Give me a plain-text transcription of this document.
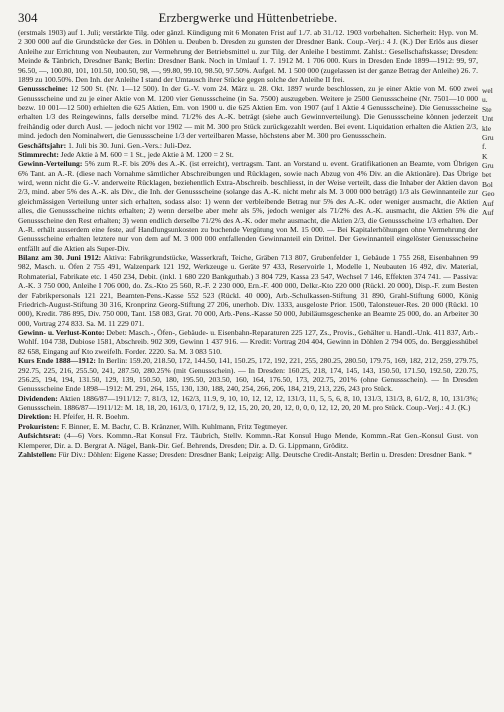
304	Erzbergwerke und Hüttenbetriebe.

(erstmals 1903) auf 1. Juli; verstärkte Tilg. oder gänzl. Kündigung mit 6 Monaten Frist auf 1./7. ab 31./12. 1903 vorbehalten. Sicherheit: Hyp. von M. 2 300 000 auf die Grundstücke der Ges. in Döhlen u. Deuben b. Dresden zu gunsten der Dresdner Bank. Coup.-Verj.: 4 J. (K.) Der Erlös aus dieser Anleihe zur Errichtung von Neubauten, zur Vermehrung der Betriebsmittel u. zur Tilg. der Anleihe I bestimmt. Zahlst.: Gesellschaftskasse; Dresden: Meinde & Tänbrich, Dresdner Bank; Berlin: Dresdner Bank. Noch in Umlauf 1. 7. 1912 M. 1 706 000. Kurs in Dresden Ende 1899—1912: 99, 97, 96.50, —, 100.80, 101, 101.50, 100.50, 98, —, 99.80, 99.10, 98.50, 97.50%. Aufgel. M. 1 500 000 (zugelassen ist der ganze Betrag der Anleihe) 26. 7. 1899 zu 100.50%. Den Inh. der Anleihe I stand der Umtausch ihrer Stücke gegen solche der Anleihe II frei.

Genussscheine: 12 500 St. (Nr. 1—12 500). In der G.-V. vom 24. März u. 28. Okt. 1897 wurde beschlossen, zu je einer Aktie von M. 600 zwei Genussscheine und zu je einer Aktie von M. 1200 vier Genussscheine (in Sa. 7500) auszugeben. Weitere je 2500 Genussscheine (Nr. 7501—10 000 bezw. 10 001—12 500) erhielten die 625 Aktien, Em. von 1900 u. die 625 Aktien Em. von 1907 (auf 1 Aktie 4 Genussscheine). Die Genussscheine erhalten 1/3 des Reingewinns, falls derselbe mind. 71/2% des A.-K. beträgt (siehe auch Gewinnverteilung). Die Genussscheine können jederzeit freihändig oder durch Ausl. — jedoch nicht vor 1902 — mit M. 300 pro Stück zurückgezahlt werden. Bei event. Liquidation erhalten die Aktien 2/3, mind. jedoch den Nominalwert, die Genussscheine 1/3 der verteilbaren Masse, höchstens aber M. 300 pro Genussschein.

Geschäftsjahr: 1. Juli bis 30. Juni. Gen.-Vers.: Juli-Dez.

Stimmrecht: Jede Aktie à M. 600 = 1 St., jede Aktie à M. 1200 = 2 St.

Gewinn-Verteilung: 5% zum R.-F. bis 20% des A.-K. (ist erreicht), vertragsm. Tant. an Vorstand u. event. Gratifikationen an Beamte, vom Übrigen 6% Tant. an A.-R. (diese nach Vornahme sämtlicher Abschreibungen und Rücklagen, sowie nach Abzug von 4% Div. an die Aktionäre). Das Übrige wird, wenn nicht die G.-V. anderweite Rücklagen, beziehentlich Extra-Abschreib. beschliesst, in der Weise verteilt, dass die Inhaber der Aktien davon 2/3, mind. aber 5% des A.-K. als Div., die Inh. der Genussscheine (solange das A.-K. nicht mehr als M. 3 000 000 beträgt) 1/3 als Gewinnanteile zur gleichmässigen Verteilung unter sich erhalten, sodass also: 1) wenn der verbleibende Betrag nur 5% des A.-K. oder weniger ausmacht, die Aktien alles, die Genussscheine nichts erhalten; 2) wenn derselbe aber mehr als 5%, jedoch weniger als 71/2% des A.-K. ausmacht, die Aktien 5% die Genussscheine den Rest erhalten; 3) wenn endlich derselbe 71/2% des A.-K. oder mehr ausmacht, die Aktien 2/3, die Genussscheine 1/3 erhalten. Der A.-R. erhält ausserdem eine feste, auf Handlungsunkosten zu buchende Vergütung von M. 15 000. — Bei Kapitalerhöhungen ohne Vermehrung der Genussscheine erhalten letztere nur von dem auf M. 3 000 000 entfallenden Gewinnanteil ein Drittel. Der Gewinnanteil eingelöster Genussscheine entfällt auf die Aktien als Super-Div.

Bilanz am 30. Juni 1912: Aktiva: Fabrikgrundstücke, Wasserkraft, Teiche, Gräben 713 807, Grubenfelder 1, Gebäude 1 755 268, Eisenbahnen 99 982, Masch. u. Öfen 2 755 491, Walzenpark 121 192, Werkzeuge u. Geräte 97 433, Reservoirle 1, Modelle 1, Neubauten 16 492, div. Material, Rohmaterial, Fabrikate etc. 1 450 234, Debit. (inkl. 1 680 220 Bankguthab.) 3 804 729, Kassa 23 547, Wechsel 7 146, Effekten 374 741. — Passiva: A.-K. 3 750 000, Anleihe I 706 000, do. Zs.-Kto 25 560, R.-F. 2 230 000, Ern.-F. 400 000, Delkr.-Kto 220 000 (Rückl. 20 000), Disp.-F. zum Besten der Fabrikpersonals 121 221, Beamten-Pens.-Kasse 552 523 (Rückl. 40 000), Arb.-Schulkassen-Stiftung 31 890, Grahl-Stiftung 6000, König Friedrich-August-Stiftung 30 316, Kronprinz Georg-Stiftung 27 206, unerhob. Div. 1333, ausgeloste Prior. 1500, Talonsteuer-Res. 20 000 (Rückl. 10 000), Kredit. 786 895, Div. 750 000, Tant. 158 083, Grat. 70 000, Arb.-Pens.-Kasse 50 000, Jubiläumsgeschenke an Beamte 25 000, do. an Arbeiter 30 000, Vortrag 274 833. Sa. M. 11 229 071.

Gewinn- u. Verlust-Konto: Debet: Masch.-, Öfen-, Gebäude- u. Eisenbahn-Reparaturen 225 127, Zs., Provis., Gehälter u. Handl.-Unk. 411 837, Arb.-Wohlf. 104 738, Dubiose 1581, Abschreib. 902 309, Gewinn 1 437 916. — Kredit: Vortrag 204 404, Gewinn in Döhlen 2 794 005, do. Berggiesshübel 82 658, Eingang auf Kto zweifelh. Forder. 2220. Sa. M. 3 083 510.

Kurs Ende 1888—1912: In Berlin: 159.20, 218.50, 172, 144.50, 141, 150.25, 172, 192, 221, 255, 280.25, 280.50, 179.75, 169, 182, 212, 259, 279.75, 292.75, 225, 216, 255.50, 241, 287.50, 280.25% (mit Genussschein). — In Dresden: 160.25, 218, 174, 145, 143, 150.50, 171.50, 192.50, 220.75, 256.25, 194, 194, 131.50, 129, 139, 150.50, 180, 195.50, 203.50, 160, 164, 176.50, 173, 202.75, 201% (ohne Genussschein). — In Dresden Genussscheine Ende 1898—1912: M. 291, 264, 155, 130, 130, 188, 240, 254, 266, 206, 184, 219, 213, 226, 243 pro Stück.

Dividenden: Aktien 1886/87—1911/12: 7, 81/3, 12, 162/3, 11.9, 9, 10, 10, 12, 12, 12, 131/3, 11, 5, 5, 6, 8, 10, 131/3, 131/3, 8, 61/2, 8, 10, 131/3%; Genussschein. 1886/87—1911/12: M. 18, 18, 20, 161/3, 0, 171/2, 9, 12, 15, 20, 20, 20, 12, 0, 0, 0, 12, 12, 20, 20 M. pro Stück. Coup.-Verj.: 4 J. (K.)

Direktion: H. Pfeifer, H. R. Boehm.

Prokuristen: F. Binner, E. M. Bachr, C. B. Kränzner, Wilh. Kuhlmann, Fritz Tegtmeyer.

Aufsichtsrat: (4—6) Vors. Kommn.-Rat Konsul Frz. Täubrich, Stellv. Kommn.-Rat Konsul Hugo Mende, Kommn.-Rat Gen.-Konsul Gust. von Klemperer, Dir. a. D. Bergrat A. Nägel, Bank-Dir. Gef. Behrends, Dresden; Dir. a. D. G. Lippmann, Gröditz.

Zahlstellen: Für Div.: Döhlen: Eigene Kasse; Dresden: Dresdner Bank; Leipzig: Allg. Deutsche Credit-Anstalt; Berlin u. Dresden: Dresdner Bank. *

wel
u.
Ste
Unt
kle
Gru
f.
K
Gru
bet
Bol
Geo
Auf
Auf
